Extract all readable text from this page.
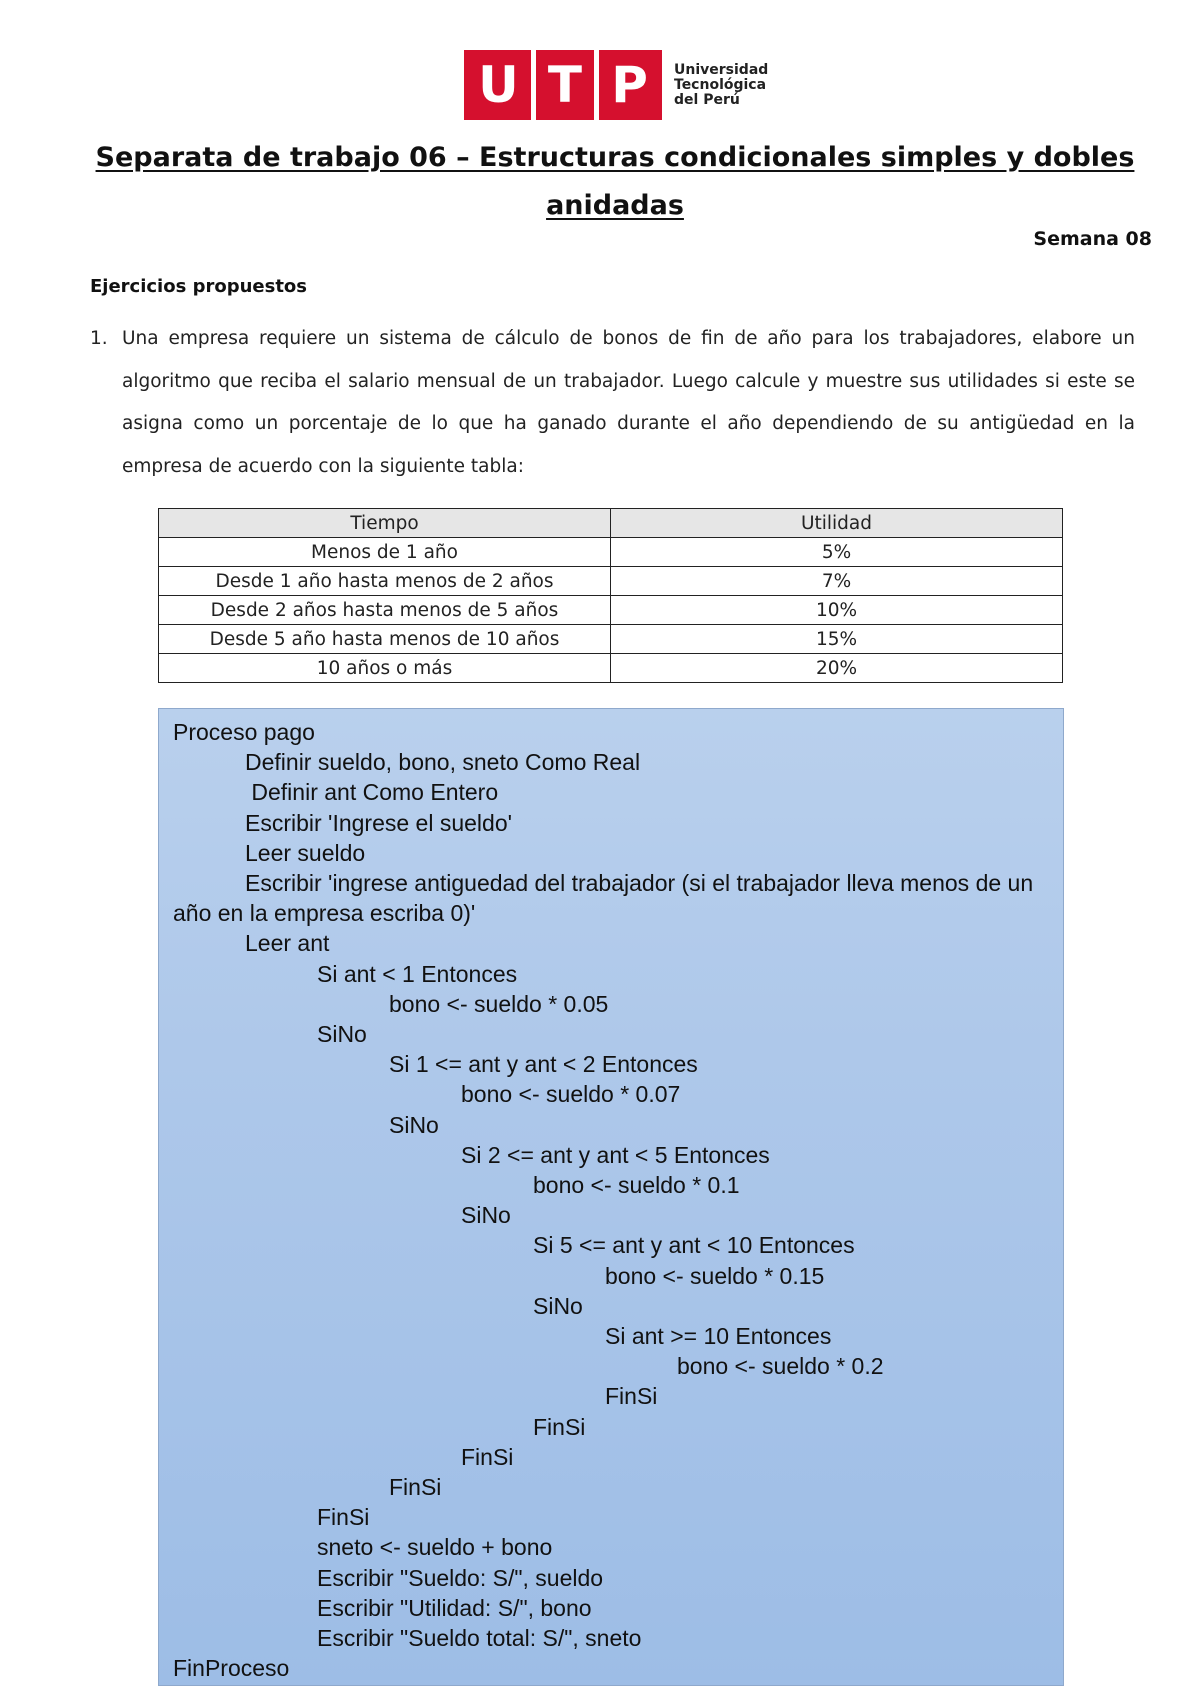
U T P Universidad
Tecnológica
del Perú
Separata de trabajo 06 – Estructuras condicionales simples y dobles anidadas
Semana 08
Ejercicios propuestos
1. Una empresa requiere un sistema de cálculo de bonos de fin de año para los trabajadores, elabore un algoritmo que reciba el salario mensual de un trabajador. Luego calcule y muestre sus utilidades si este se asigna como un porcentaje de lo que ha ganado durante el año dependiendo de su antigüedad en la empresa de acuerdo con la siguiente tabla:
Tiempo	Utilidad
Menos de 1 año	5%
Desde 1 año hasta menos de 2 años	7%
Desde 2 años hasta menos de 5 años	10%
Desde 5 año hasta menos de 10 años	15%
10 años o más	20%
Proceso pago
Definir sueldo, bono, sneto Como Real
Definir ant Como Entero
Escribir 'Ingrese el sueldo'
Leer sueldo
Escribir 'ingrese antiguedad del trabajador (si el trabajador lleva menos de un año en la empresa escriba 0)'
Leer ant
Si ant < 1 Entonces
bono <- sueldo * 0.05
SiNo
Si 1 <= ant y ant < 2 Entonces
bono <- sueldo * 0.07
SiNo
Si 2 <= ant y ant < 5 Entonces
bono <- sueldo * 0.1
SiNo
Si 5 <= ant y ant < 10 Entonces
bono <- sueldo * 0.15
SiNo
Si ant >= 10 Entonces
bono <- sueldo * 0.2
FinSi
FinSi
FinSi
FinSi
FinSi
sneto <- sueldo + bono
Escribir "Sueldo: S/", sueldo
Escribir "Utilidad: S/", bono
Escribir "Sueldo total: S/", sneto
FinProceso
